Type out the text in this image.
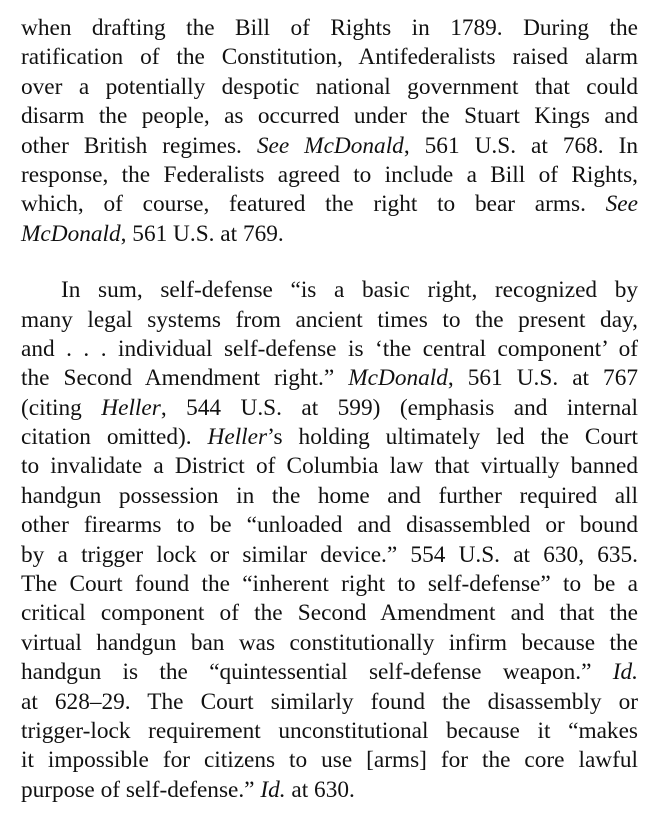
when drafting the Bill of Rights in 1789. During the
ratification of the Constitution, Antifederalists raised alarm
over a potentially despotic national government that could
disarm the people, as occurred under the Stuart Kings and
other British regimes. See McDonald, 561 U.S. at 768. In
response, the Federalists agreed to include a Bill of Rights,
which, of course, featured the right to bear arms. See
McDonald, 561 U.S. at 769.
In sum, self-defense “is a basic right, recognized by
many legal systems from ancient times to the present day,
and . . . individual self-defense is ‘the central component’ of
the Second Amendment right.” McDonald, 561 U.S. at 767
(citing Heller, 544 U.S. at 599) (emphasis and internal
citation omitted). Heller’s holding ultimately led the Court
to invalidate a District of Columbia law that virtually banned
handgun possession in the home and further required all
other firearms to be “unloaded and disassembled or bound
by a trigger lock or similar device.” 554 U.S. at 630, 635.
The Court found the “inherent right to self-defense” to be a
critical component of the Second Amendment and that the
virtual handgun ban was constitutionally infirm because the
handgun is the “quintessential self-defense weapon.” Id.
at 628–29. The Court similarly found the disassembly or
trigger-lock requirement unconstitutional because it “makes
it impossible for citizens to use [arms] for the core lawful
purpose of self-defense.” Id. at 630.
